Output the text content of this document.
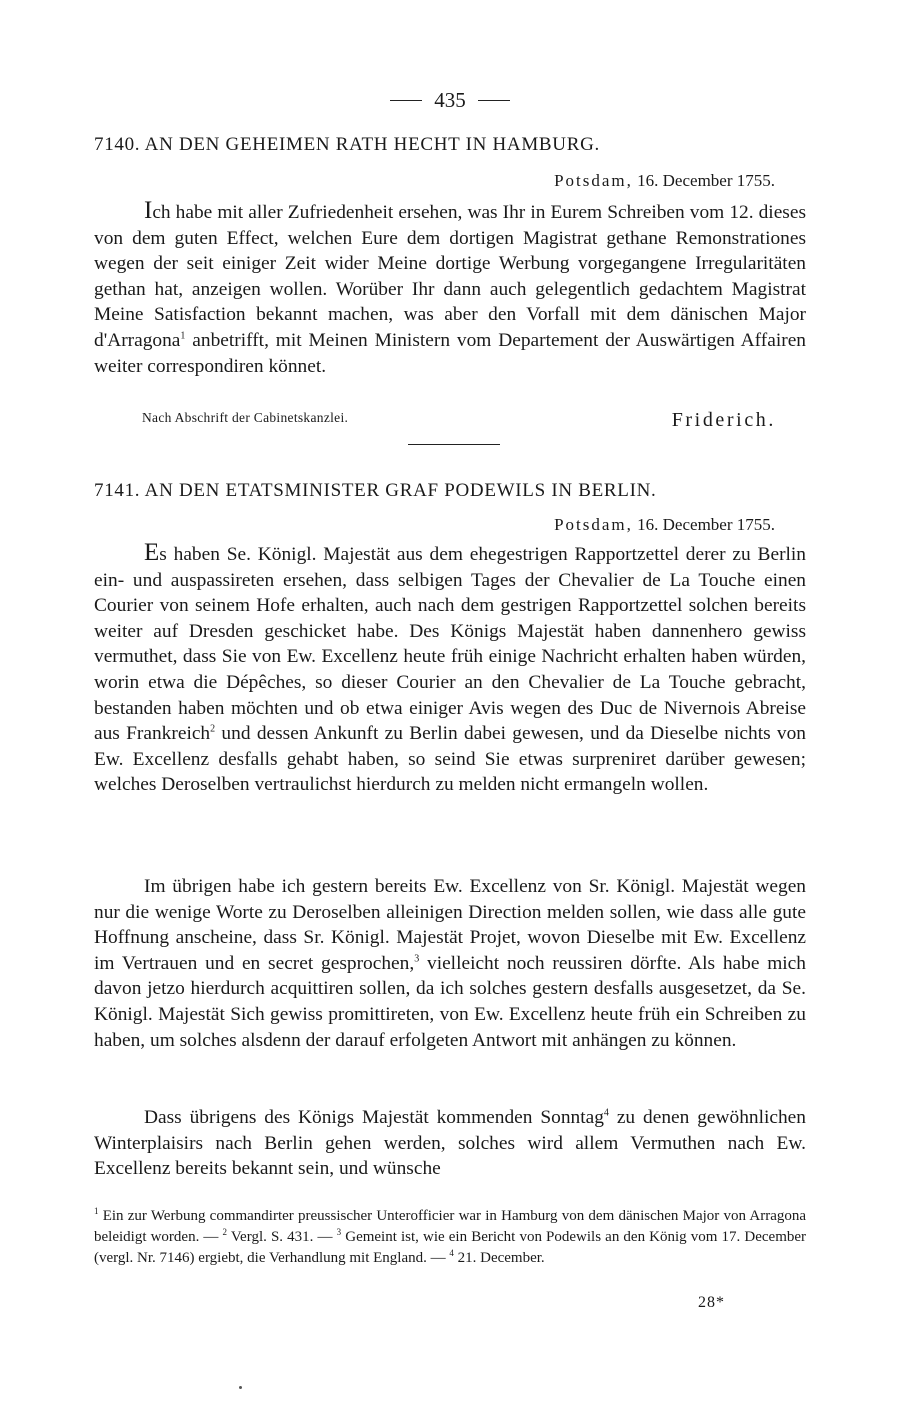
435
7140. AN DEN GEHEIMEN RATH HECHT IN HAMBURG.
Potsdam, 16. December 1755.

Ich habe mit aller Zufriedenheit ersehen, was Ihr in Eurem Schreiben vom 12. dieses von dem guten Effect, welchen Eure dem dortigen Magistrat gethane Remonstrationes wegen der seit einiger Zeit wider Meine dortige Werbung vorgegangene Irregularitäten gethan hat, anzeigen wollen. Worüber Ihr dann auch gelegentlich gedachtem Magistrat Meine Satisfaction bekannt machen, was aber den Vorfall mit dem dänischen Major d'Arragona$^1$ anbetrifft, mit Meinen Ministern vom Departement der Auswärtigen Affairen weiter correspondiren könnet.

Nach Abschrift der Cabinetskanzlei.	Friderich.
7141. AN DEN ETATSMINISTER GRAF PODEWILS IN BERLIN.
Potsdam, 16. December 1755.

Es haben Se. Königl. Majestät aus dem ehegestrigen Rapportzettel derer zu Berlin ein- und auspassireten ersehen, dass selbigen Tages der Chevalier de La Touche einen Courier von seinem Hofe erhalten, auch nach dem gestrigen Rapportzettel solchen bereits weiter auf Dresden geschicket habe. Des Königs Majestät haben dannenhero gewiss vermuthet, dass Sie von Ew. Excellenz heute früh einige Nachricht erhalten haben würden, worin etwa die Dépêches, so dieser Courier an den Chevalier de La Touche gebracht, bestanden haben möchten und ob etwa einiger Avis wegen des Duc de Nivernois Abreise aus Frankreich$^2$ und dessen Ankunft zu Berlin dabei gewesen, und da Dieselbe nichts von Ew. Excellenz desfalls gehabt haben, so seind Sie etwas surpreniret darüber gewesen; welches Deroselben vertraulichst hierdurch zu melden nicht ermangeln wollen.

Im übrigen habe ich gestern bereits Ew. Excellenz von Sr. Königl. Majestät wegen nur die wenige Worte zu Deroselben alleinigen Direction melden sollen, wie dass alle gute Hoffnung anscheine, dass Sr. Königl. Majestät Projet, wovon Dieselbe mit Ew. Excellenz im Vertrauen und en secret gesprochen,$^3$ vielleicht noch reussiren dörfte. Als habe mich davon jetzo hierdurch acquittiren sollen, da ich solches gestern desfalls ausgesetzet, da Se. Königl. Majestät Sich gewiss promittireten, von Ew. Excellenz heute früh ein Schreiben zu haben, um solches alsdenn der darauf erfolgeten Antwort mit anhängen zu können.

Dass übrigens des Königs Majestät kommenden Sonntag$^4$ zu denen gewöhnlichen Winterplaisirs nach Berlin gehen werden, solches wird allem Vermuthen nach Ew. Excellenz bereits bekannt sein, und wünsche

$^1$ Ein zur Werbung commandirter preussischer Unterofficier war in Hamburg von dem dänischen Major von Arragona beleidigt worden. — $^2$ Vergl. S. 431. — $^3$ Gemeint ist, wie ein Bericht von Podewils an den König vom 17. December (vergl. Nr. 7146) ergiebt, die Verhandlung mit England. — $^4$ 21. December.

28*
